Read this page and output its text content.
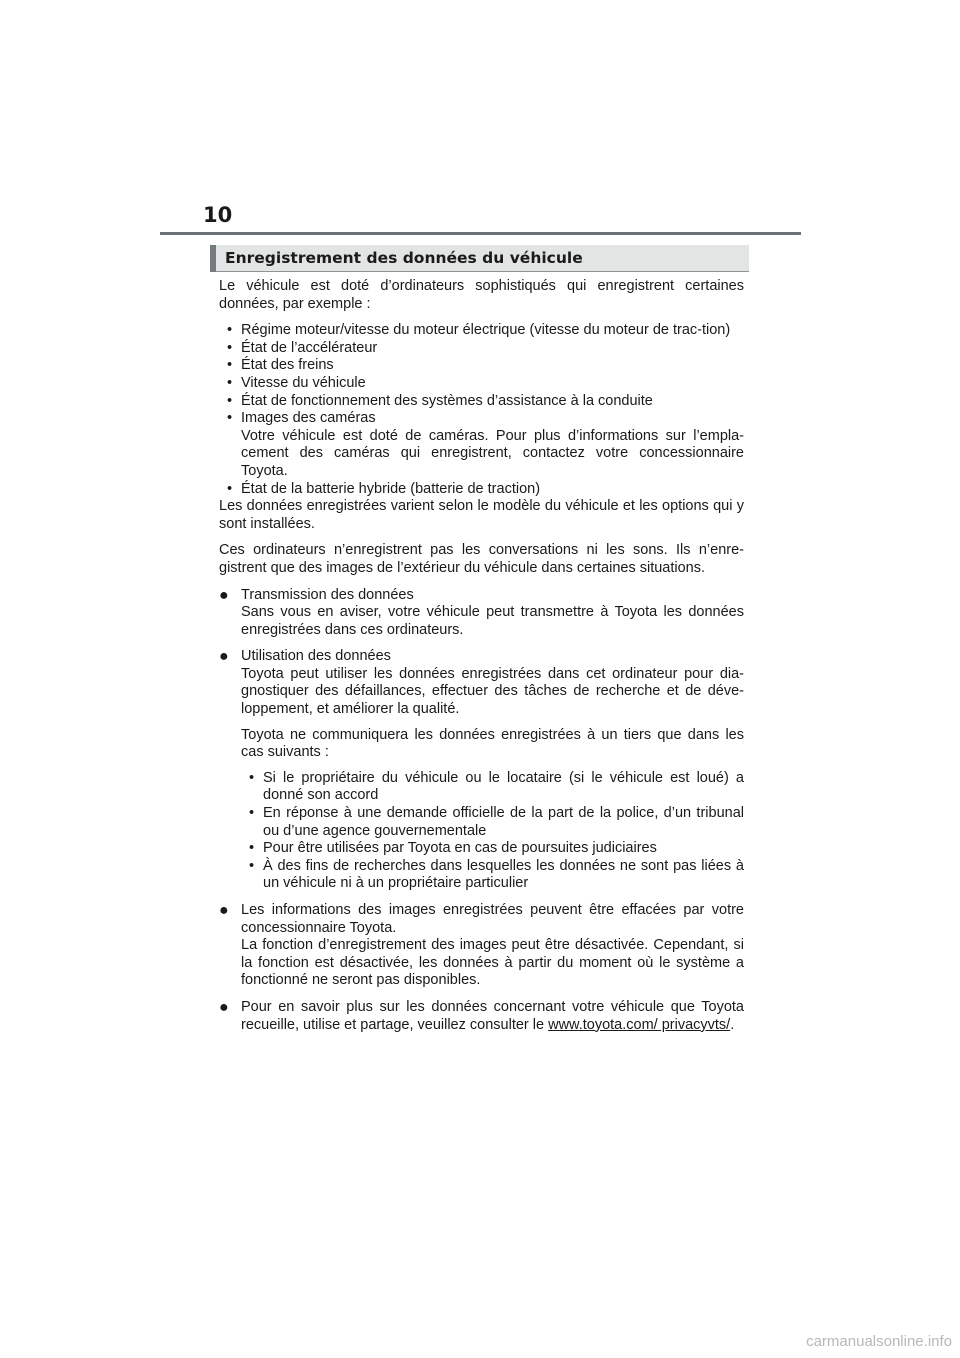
10
Enregistrement des données du véhicule

Le véhicule est doté d’ordinateurs sophistiqués qui enregistrent certaines données, par exemple :

• Régime moteur/vitesse du moteur électrique (vitesse du moteur de trac-tion)
• État de l’accélérateur
• État des freins
• Vitesse du véhicule
• État de fonctionnement des systèmes d’assistance à la conduite
• Images des caméras
Votre véhicule est doté de caméras. Pour plus d’informations sur l’empla-cement des caméras qui enregistrent, contactez votre concessionnaire Toyota.
• État de la batterie hybride (batterie de traction)

Les données enregistrées varient selon le modèle du véhicule et les options qui y sont installées.

Ces ordinateurs n’enregistrent pas les conversations ni les sons. Ils n’enre-gistrent que des images de l’extérieur du véhicule dans certaines situations.

● Transmission des données

Sans vous en aviser, votre véhicule peut transmettre à Toyota les données enregistrées dans ces ordinateurs.

● Utilisation des données

Toyota peut utiliser les données enregistrées dans cet ordinateur pour dia-gnostiquer des défaillances, effectuer des tâches de recherche et de déve-loppement, et améliorer la qualité.

Toyota ne communiquera les données enregistrées à un tiers que dans les cas suivants :

• Si le propriétaire du véhicule ou le locataire (si le véhicule est loué) a donné son accord
• En réponse à une demande officielle de la part de la police, d’un tribunal ou d’une agence gouvernementale
• Pour être utilisées par Toyota en cas de poursuites judiciaires
• À des fins de recherches dans lesquelles les données ne sont pas liées à un véhicule ni à un propriétaire particulier
● Les informations des images enregistrées peuvent être effacées par votre concessionnaire Toyota.

La fonction d’enregistrement des images peut être désactivée. Cependant, si la fonction est désactivée, les données à partir du moment où le système a fonctionné ne seront pas disponibles.

● Pour en savoir plus sur les données concernant votre véhicule que Toyota recueille, utilise et partage, veuillez consulter le www.toyota.com/ privacyvts/.

carmanualsonline.info
